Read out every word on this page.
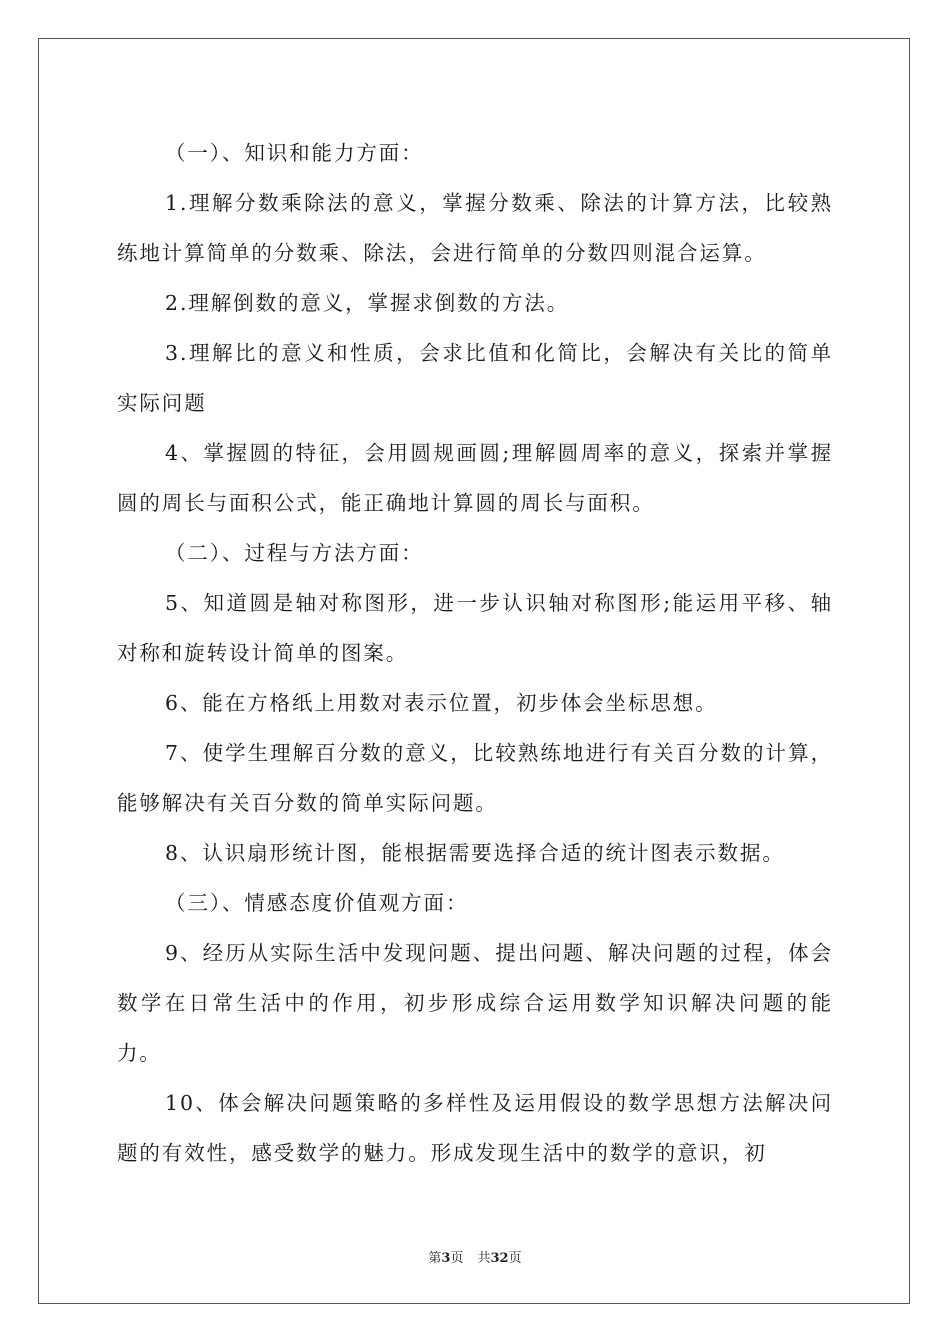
（一）、知识和能力方面：

1.理解分数乘除法的意义，掌握分数乘、除法的计算方法，比较熟练地计算简单的分数乘、除法，会进行简单的分数四则混合运算。

2.理解倒数的意义，掌握求倒数的方法。

3.理解比的意义和性质，会求比值和化简比，会解决有关比的简单实际问题

4、掌握圆的特征，会用圆规画圆;理解圆周率的意义，探索并掌握圆的周长与面积公式，能正确地计算圆的周长与面积。

（二）、过程与方法方面：

5、知道圆是轴对称图形，进一步认识轴对称图形;能运用平移、轴对称和旋转设计简单的图案。

6、能在方格纸上用数对表示位置，初步体会坐标思想。

7、使学生理解百分数的意义，比较熟练地进行有关百分数的计算，能够解决有关百分数的简单实际问题。

8、认识扇形统计图，能根据需要选择合适的统计图表示数据。

（三）、情感态度价值观方面：

9、经历从实际生活中发现问题、提出问题、解决问题的过程，体会数学在日常生活中的作用，初步形成综合运用数学知识解决问题的能力。

10、体会解决问题策略的多样性及运用假设的数学思想方法解决问题的有效性，感受数学的魅力。形成发现生活中的数学的意识，初

第3页 共32页
